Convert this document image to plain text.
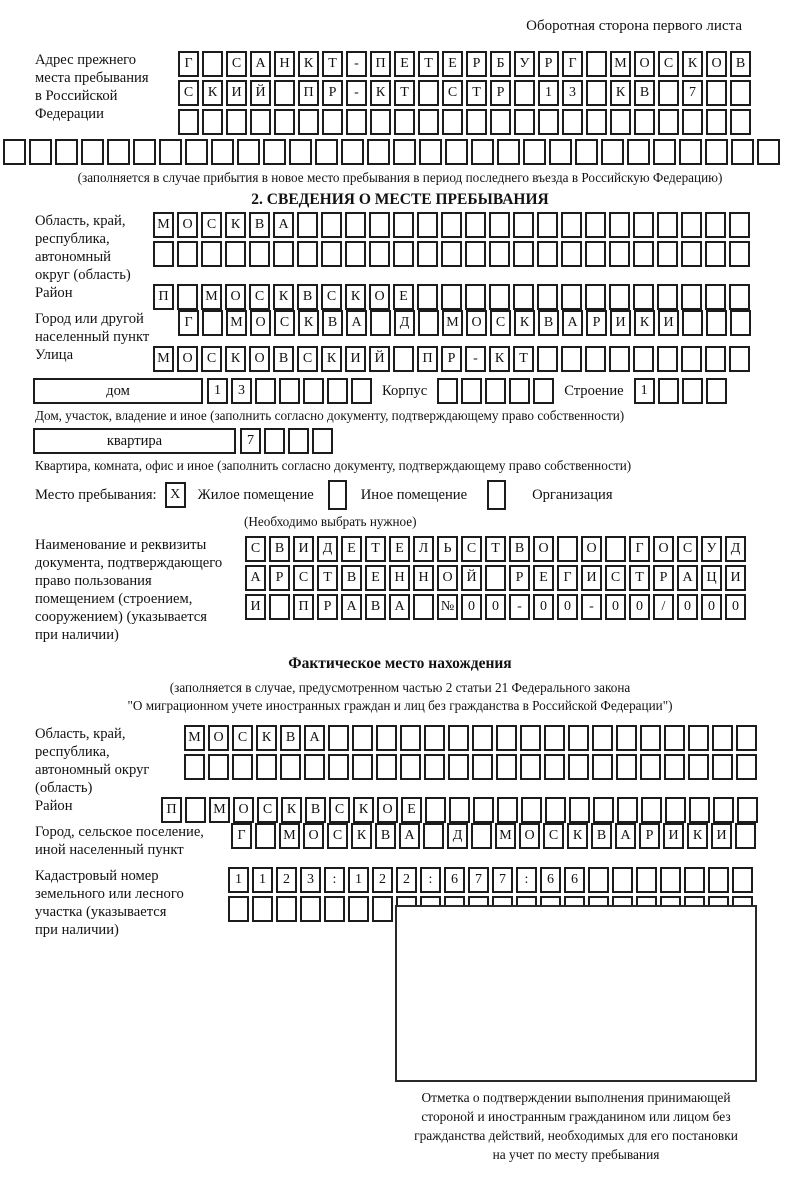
Оборотная сторона первого листа
Адрес прежнего
места пребывания
в Российской
Федерации
Г	С	А Н	К	Т	-	П	Е	Т	Е	Р	Б	У	Р	Г	М О	С	К	О	В
С	К	И Й	П	Р	-	К	Т	С	Т	Р	1	3	К	В	7
(заполняется в случае прибытия в новое место пребывания в период последнего въезда в Российскую Федерацию)
2. СВЕДЕНИЯ О МЕСТЕ ПРЕБЫВАНИЯ
Область, край,
республика,
автономный
округ (область)
М О	С	К	В	А
Район	П	М О	С	К	В	С	К	О	Е
Город или другой
населенный пункт
Г	М О	С	К	В	А	Д	М О	С	К	В	А	Р	И	К	И
Улица	М О	С	К	О	В	С	К	И Й	П	Р	-	К	Т
дом	1	3	Корпус	Строение	1
Дом, участок, владение и иное (заполнить согласно документу, подтверждающему право собственности)
квартира	7
Квартира, комната, офис и иное (заполнить согласно документу, подтверждающему право собственности)
Место пребывания: X	Жилое помещение	Иное помещение	Организация
(Необходимо выбрать нужное)
Наименование и реквизиты
документа, подтверждающего
право пользования
помещением (строением,
сооружением) (указывается
при наличии)
С	В	И	Д	Е	Т	Е	Л	Ь	С	Т	В	О	О	Г	О	С	У	Д
А	Р	С	Т	В	Е	Н Н О Й	Р	Е	Г	И	С	Т	Р	А Ц И
И	П	Р	А	В	А	№ 0	0	-	0	0	-	0	0	/	0	0	0
Фактическое место нахождения
(заполняется в случае, предусмотренном частью 2 статьи 21 Федерального закона
"О миграционном учете иностранных граждан и лиц без гражданства в Российской Федерации")
Область, край,
республика,
автономный округ
(область)
М О	С	К	В	А
Район	П	М О	С	К	В	С	К	О	Е
Город, сельское поселение,
иной населенный пункт
Г	М О	С	К	В	А	Д	М О	С	К	В	А	Р	И	К	И
Кадастровый номер
земельного или лесного
участка (указывается
при наличии)
1	1	2	3	:	1	2	2	:	6	7	7	:	6	6
Отметка о подтверждении выполнения принимающей
стороной и иностранным гражданином или лицом без
гражданства действий, необходимых для его постановки
на учет по месту пребывания
